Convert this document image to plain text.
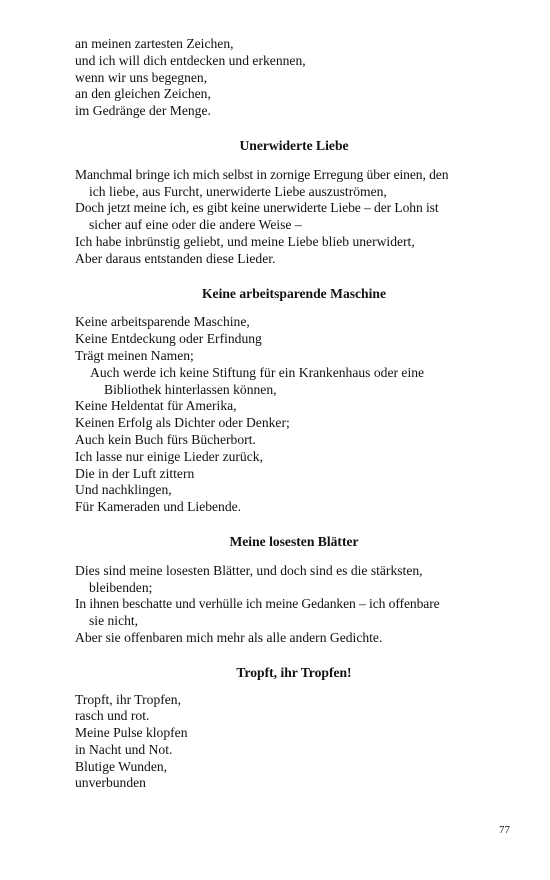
an meinen zartesten Zeichen,
und ich will dich entdecken und erkennen,
wenn wir uns begegnen,
an den gleichen Zeichen,
im Gedränge der Menge.
Unerwiderte Liebe
Manchmal bringe ich mich selbst in zornige Erregung über einen, den
ich liebe, aus Furcht, unerwiderte Liebe auszuströmen,
Doch jetzt meine ich, es gibt keine unerwiderte Liebe – der Lohn ist
sicher auf eine oder die andere Weise –
Ich habe inbrünstig geliebt, und meine Liebe blieb unerwidert,
Aber daraus entstanden diese Lieder.
Keine arbeitsparende Maschine
Keine arbeitsparende Maschine,
Keine Entdeckung oder Erfindung
Trägt meinen Namen;
Auch werde ich keine Stiftung für ein Krankenhaus oder eine
Bibliothek hinterlassen können,
Keine Heldentat für Amerika,
Keinen Erfolg als Dichter oder Denker;
Auch kein Buch fürs Bücherbort.
Ich lasse nur einige Lieder zurück,
Die in der Luft zittern
Und nachklingen,
Für Kameraden und Liebende.
Meine losesten Blätter
Dies sind meine losesten Blätter, und doch sind es die stärksten,
bleibenden;
In ihnen beschatte und verhülle ich meine Gedanken – ich offenbare
sie nicht,
Aber sie offenbaren mich mehr als alle andern Gedichte.
Tropft, ihr Tropfen!
Tropft, ihr Tropfen,
rasch und rot.
Meine Pulse klopfen
in Nacht und Not.
Blutige Wunden,
unverbunden
77
